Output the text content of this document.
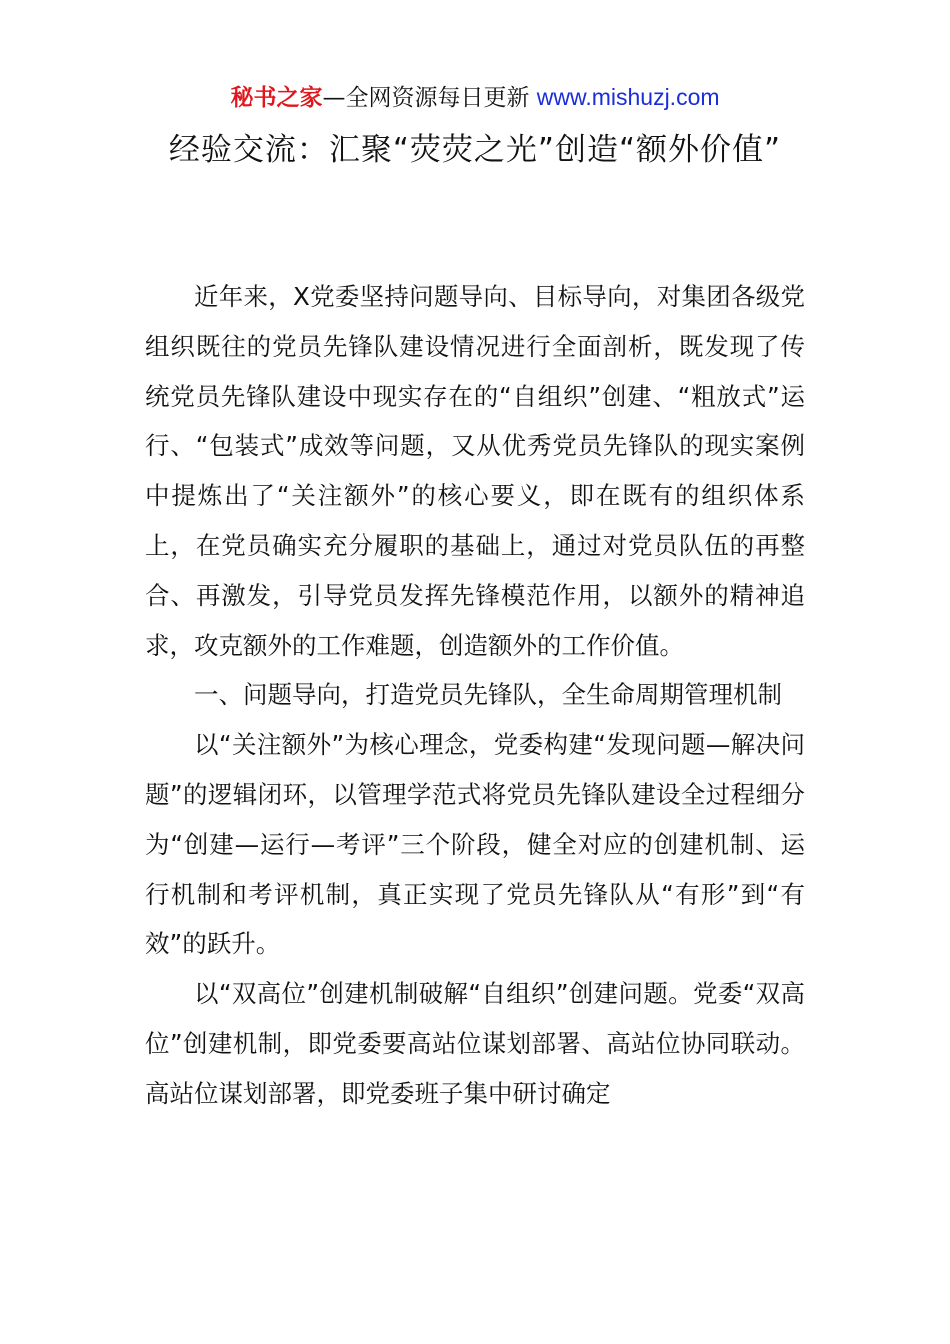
秘书之家—全网资源每日更新 www.mishuzj.com
经验交流：汇聚“荧荧之光”创造“额外价值”

近年来，X党委坚持问题导向、目标导向，对集团各级党组织既往的党员先锋队建设情况进行全面剖析，既发现了传统党员先锋队建设中现实存在的“自组织”创建、“粗放式”运行、“包装式”成效等问题，又从优秀党员先锋队的现实案例中提炼出了“关注额外”的核心要义，即在既有的组织体系上，在党员确实充分履职的基础上，通过对党员队伍的再整合、再激发，引导党员发挥先锋模范作用，以额外的精神追求，攻克额外的工作难题，创造额外的工作价值。

一、问题导向，打造党员先锋队，全生命周期管理机制

以“关注额外”为核心理念，党委构建“发现问题—解决问题”的逻辑闭环，以管理学范式将党员先锋队建设全过程细分为“创建—运行—考评”三个阶段，健全对应的创建机制、运行机制和考评机制，真正实现了党员先锋队从“有形”到“有效”的跃升。

以“双高位”创建机制破解“自组织”创建问题。党委“双高位”创建机制，即党委要高站位谋划部署、高站位协同联动。高站位谋划部署，即党委班子集中研讨确定
